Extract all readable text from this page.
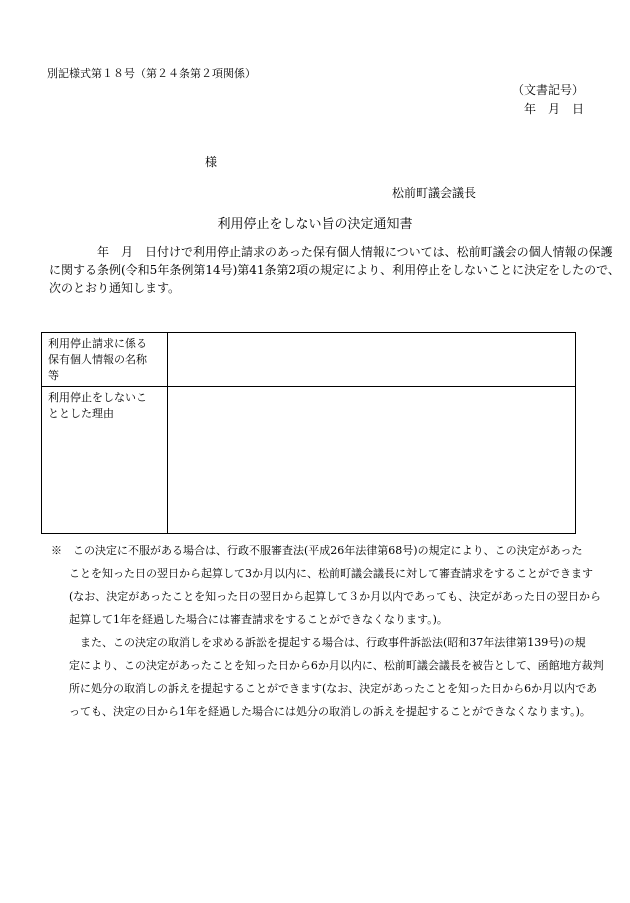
別記様式第１８号（第２４条第２項関係）
（文書記号）
年　月　日
様
松前町議会議長
利用停止をしない旨の決定通知書
　　　　年　月　日付けで利用停止請求のあった保有個人情報については、松前町議会の個人情報の保護
に関する条例(令和5年条例第14号)第41条第2項の規定により、利用停止をしないことに決定をしたので、
次のとおり通知します。
利用停止請求に係る
保有個人情報の名称
等	

利用停止をしないこ
ととした理由	

※　この決定に不服がある場合は、行政不服審査法(平成26年法律第68号)の規定により、この決定があった
ことを知った日の翌日から起算して3か月以内に、松前町議会議長に対して審査請求をすることができます
(なお、決定があったことを知った日の翌日から起算して３か月以内であっても、決定があった日の翌日から
起算して1年を経過した場合には審査請求をすることができなくなります。)。
　また、この決定の取消しを求める訴訟を提起する場合は、行政事件訴訟法(昭和37年法律第139号)の規
定により、この決定があったことを知った日から6か月以内に、松前町議会議長を被告として、函館地方裁判
所に処分の取消しの訴えを提起することができます(なお、決定があったことを知った日から6か月以内であ
っても、決定の日から1年を経過した場合には処分の取消しの訴えを提起することができなくなります。)。
